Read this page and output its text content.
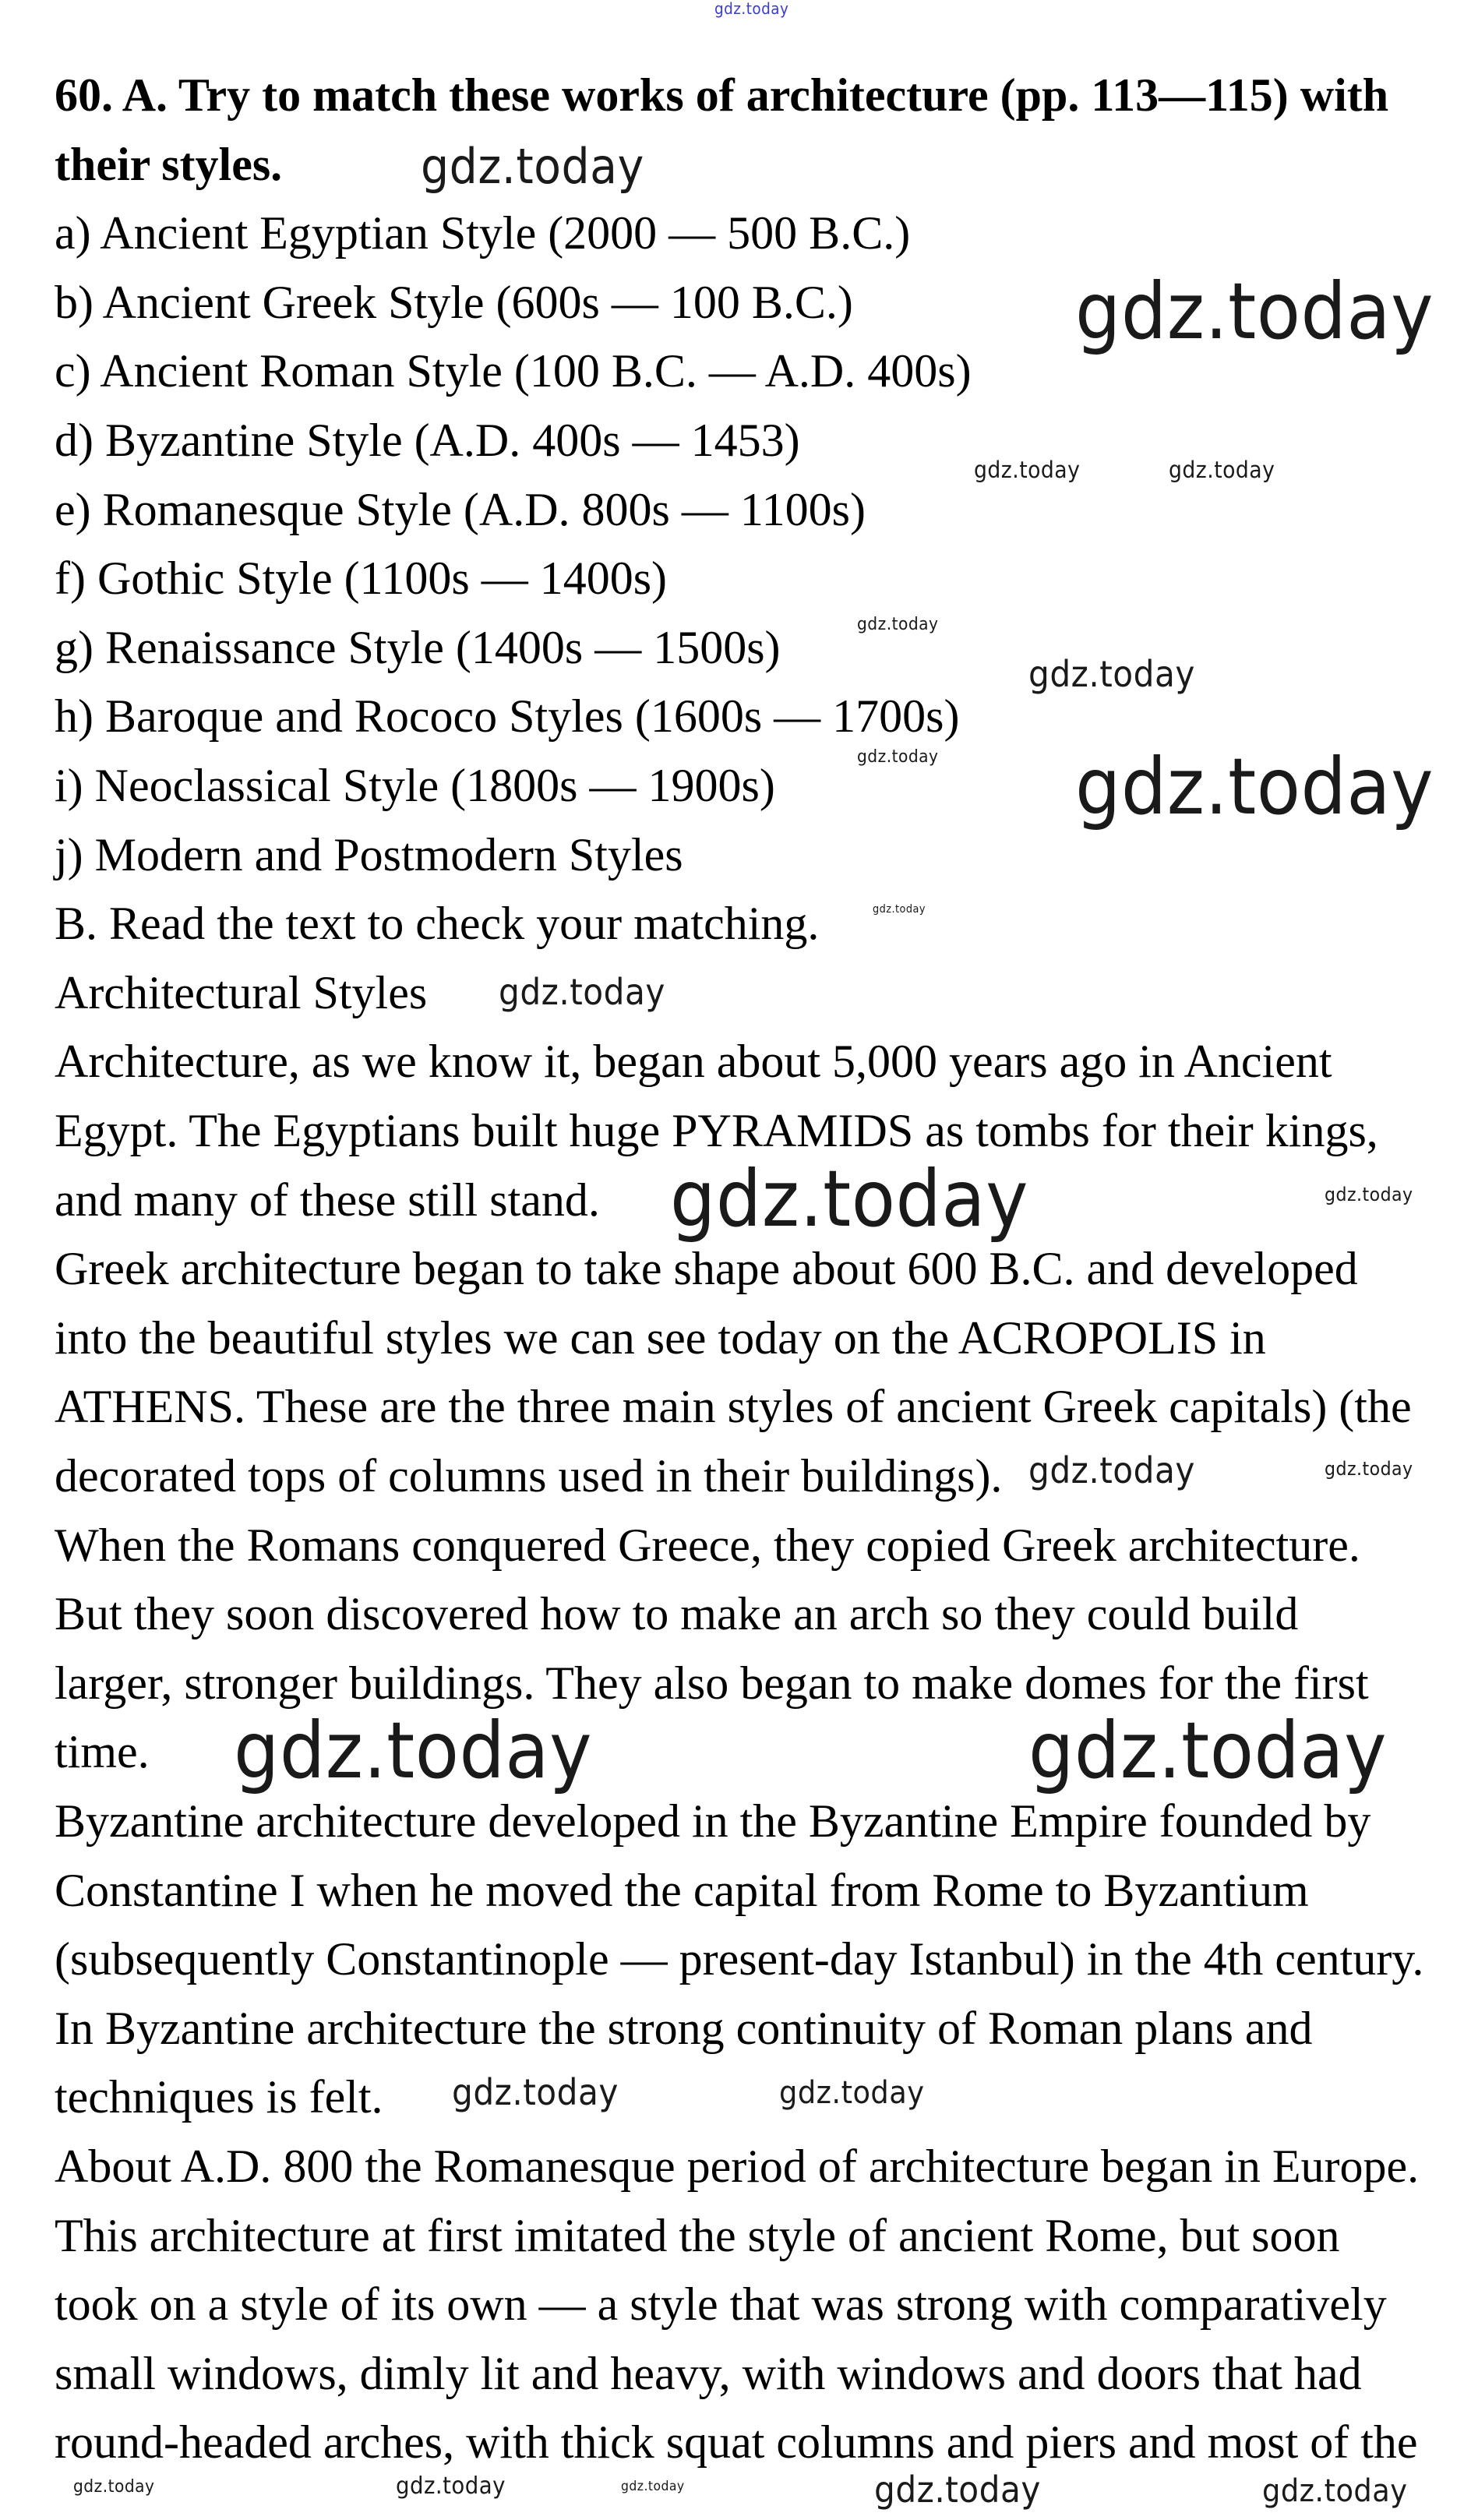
60. A. Try to match these works of architecture (pp. 113—115) with
their styles.
a) Ancient Egyptian Style (2000 — 500 B.C.)
b) Ancient Greek Style (600s — 100 B.C.)
c) Ancient Roman Style (100 B.C. — A.D. 400s)
d) Byzantine Style (A.D. 400s — 1453)
e) Romanesque Style (A.D. 800s — 1100s)
f) Gothic Style (1100s — 1400s)
g) Renaissance Style (1400s — 1500s)
h) Baroque and Rococo Styles (1600s — 1700s)
i) Neoclassical Style (1800s — 1900s)
j) Modern and Postmodern Styles
B. Read the text to check your matching.
Architectural Styles
Architecture, as we know it, began about 5,000 years ago in Ancient
Egypt. The Egyptians built huge PYRAMIDS as tombs for their kings,
and many of these still stand.
Greek architecture began to take shape about 600 B.C. and developed
into the beautiful styles we can see today on the ACROPOLIS in
ATHENS. These are the three main styles of ancient Greek capitals) (the
decorated tops of columns used in their buildings).
When the Romans conquered Greece, they copied Greek architecture.
But they soon discovered how to make an arch so they could build
larger, stronger buildings. They also began to make domes for the first
time.
Byzantine architecture developed in the Byzantine Empire founded by
Constantine I when he moved the capital from Rome to Byzantium
(subsequently Constantinople — present-day Istanbul) in the 4th century.
In Byzantine architecture the strong continuity of Roman plans and
techniques is felt.
About A.D. 800 the Romanesque period of architecture began in Europe.
This architecture at first imitated the style of ancient Rome, but soon
took on a style of its own — a style that was strong with comparatively
small windows, dimly lit and heavy, with windows and doors that had
round-headed arches, with thick squat columns and piers and most of the
gdz.today
gdz.today
gdz.today
gdz.today	gdz.today
gdz.today
gdz.today
gdz.today gdz.today
gdz.today
gdz.today
gdz.today
gdz.today
gdz.today	gdz.today
gdz.today	gdz.today
gdz.today	gdz.today
gdz.today	gdz.today
gdz.today	gdz.today	gdz.today
